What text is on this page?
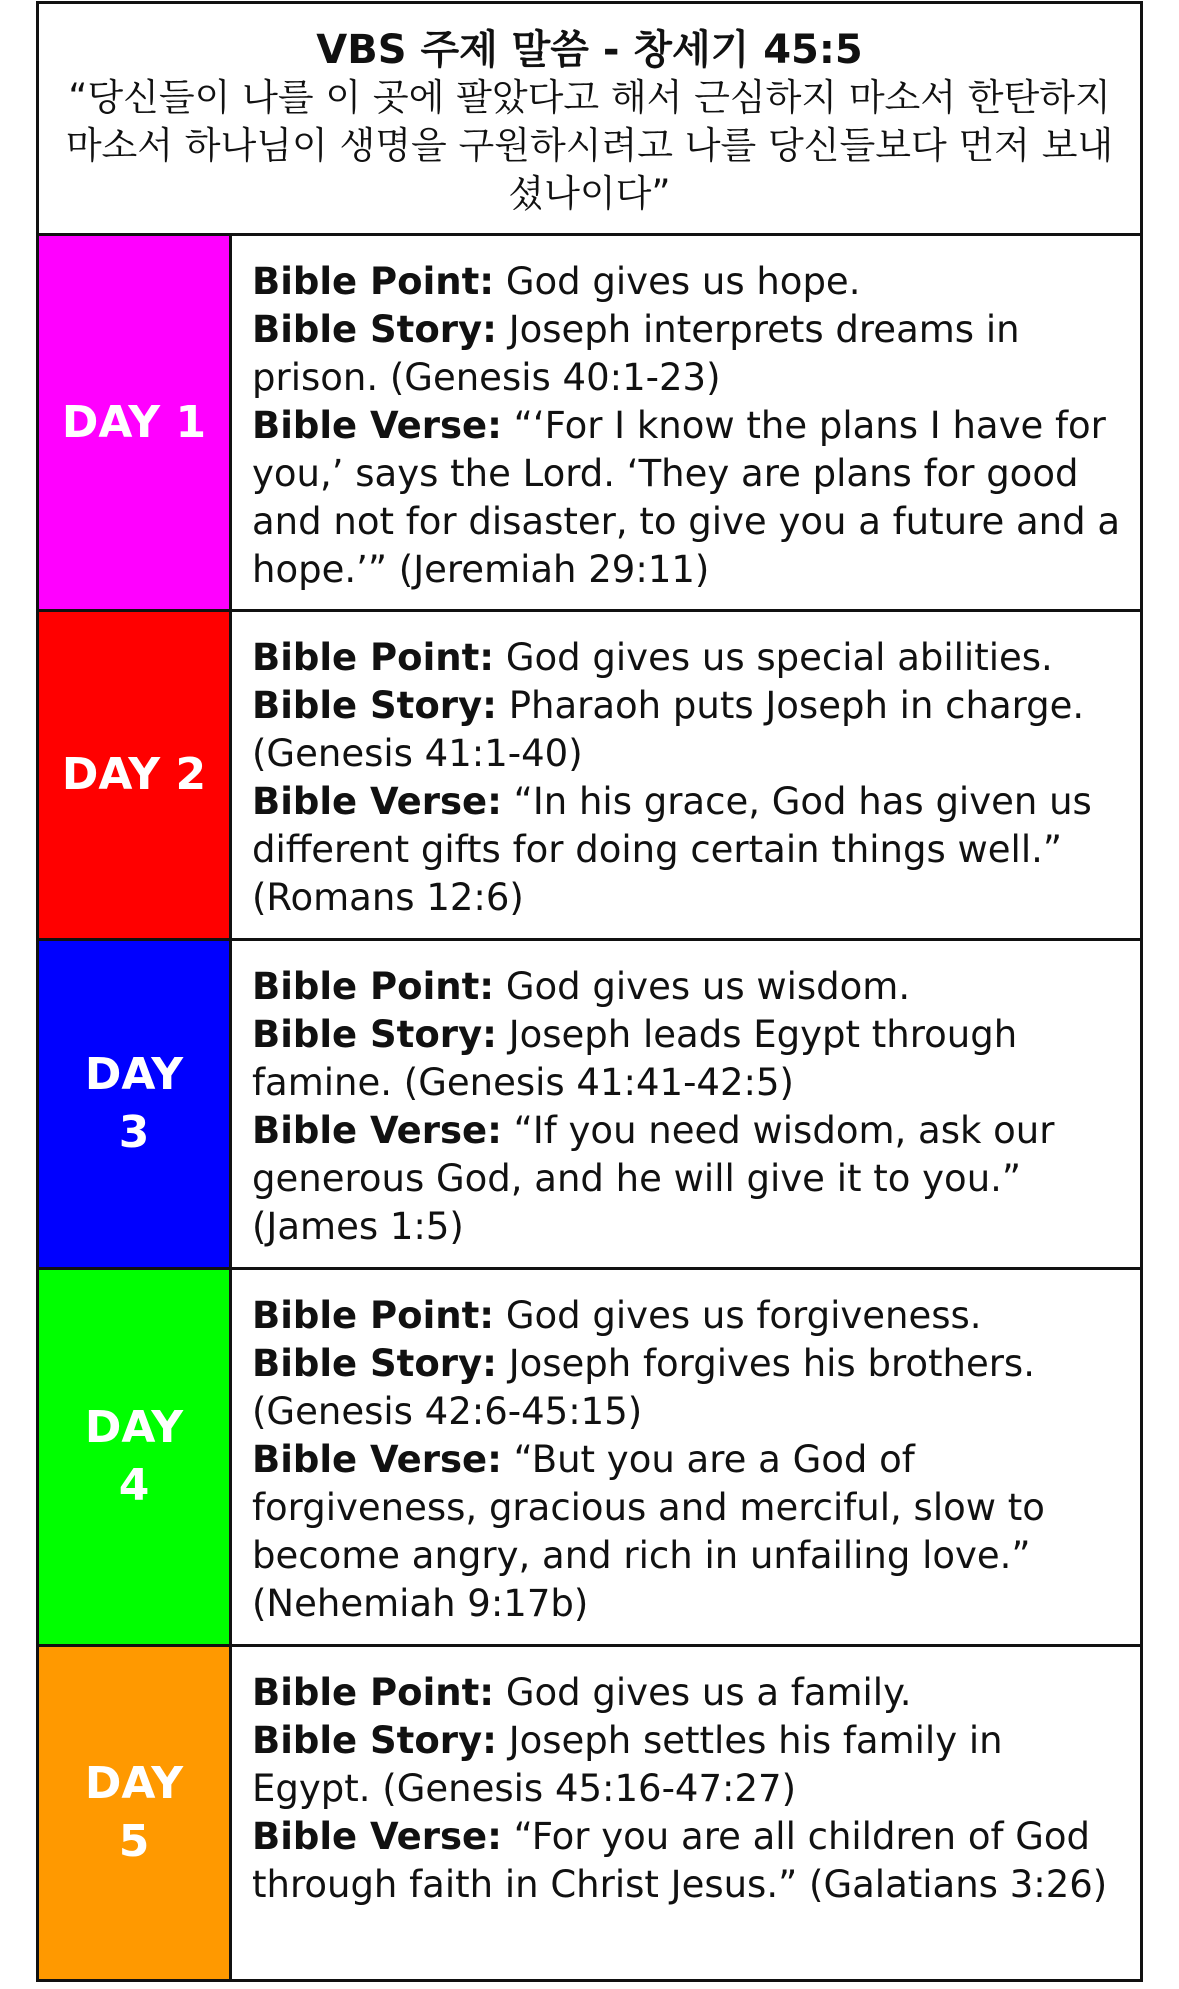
VBS 주제 말씀 - 창세기 45:5
“당신들이 나를 이 곳에 팔았다고 해서 근심하지 마소서 한탄하지 마소서 하나님이 생명을 구원하시려고 나를 당신들보다 먼저 보내셨나이다”
DAY 1
Bible Point: God gives us hope.
Bible Story: Joseph interprets dreams in prison. (Genesis 40:1-23)
Bible Verse: “‘For I know the plans I have for you,’ says the Lord. ‘They are plans for good and not for disaster, to give you a future and a hope.’” (Jeremiah 29:11)
DAY 2
Bible Point: God gives us special abilities.
Bible Story: Pharaoh puts Joseph in charge. (Genesis 41:1-40)
Bible Verse: “In his grace, God has given us different gifts for doing certain things well.” (Romans 12:6)
DAY 3
Bible Point: God gives us wisdom.
Bible Story: Joseph leads Egypt through famine. (Genesis 41:41-42:5)
Bible Verse: “If you need wisdom, ask our generous God, and he will give it to you.” (James 1:5)
DAY 4
Bible Point: God gives us forgiveness.
Bible Story: Joseph forgives his brothers. (Genesis 42:6-45:15)
Bible Verse: “But you are a God of forgiveness, gracious and merciful, slow to become angry, and rich in unfailing love.” (Nehemiah 9:17b)
DAY 5
Bible Point: God gives us a family.
Bible Story: Joseph settles his family in Egypt. (Genesis 45:16-47:27)
Bible Verse: “For you are all children of God through faith in Christ Jesus.” (Galatians 3:26)
